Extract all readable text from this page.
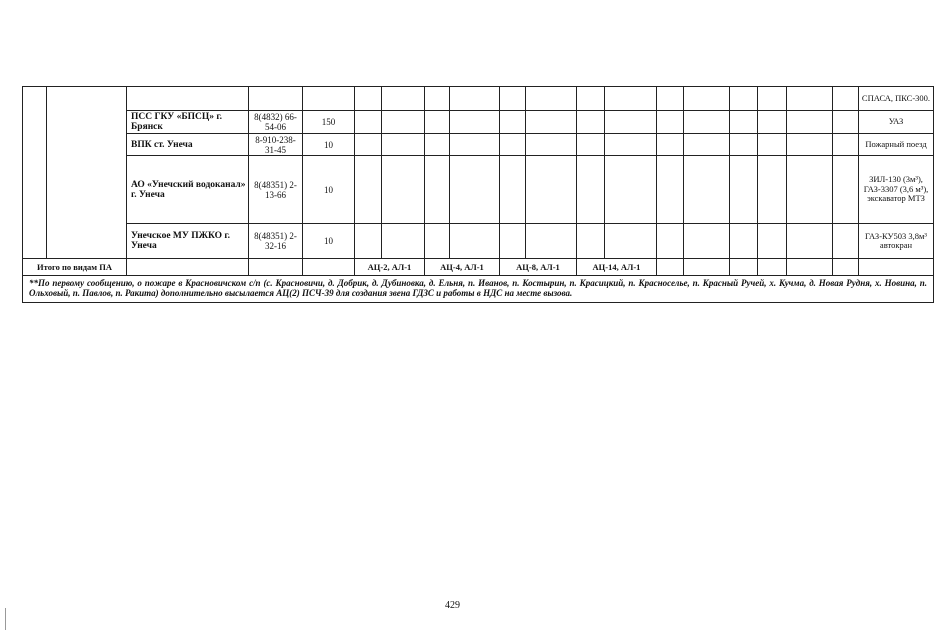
																			СПАСА, ПКС-300.
		ПСС ГКУ «БПСЦ» г. Брянск	8(4832) 66-54-06	150															УАЗ
		ВПК ст. Унеча	8-910-238-31-45	10															Пожарный поезд
		АО «Унечский водоканал» г. Унеча	8(48351) 2-13-66	10															ЗИЛ-130 (3м³), ГАЗ-3307 (3,6 м³), экскаватор МТЗ
		Унечское МУ ПЖКО г. Унеча	8(48351) 2-32-16	10															ГАЗ-КУ503 3,8м³ автокран
Итого по видам ПА					АЦ-2, АЛ-1		АЦ-4, АЛ-1		АЦ-8, АЛ-1		АЦ-14, АЛ-1								
**По первому сообщению, о пожаре в Красновичском с/п (с. Красновичи, д. Добрик, д. Дубиновка, д. Ельня, п. Иванов, п. Костырин, п. Красицкий, п. Красноселье, п. Красный Ручей, х. Кучма, д. Новая Рудня, х. Новина, п. Ольховый, п. Павлов, п. Ракита) дополнительно высылается АЦ(2) ПСЧ-39 для создания звена ГДЗС и работы в НДС на месте вызова.																			
429
